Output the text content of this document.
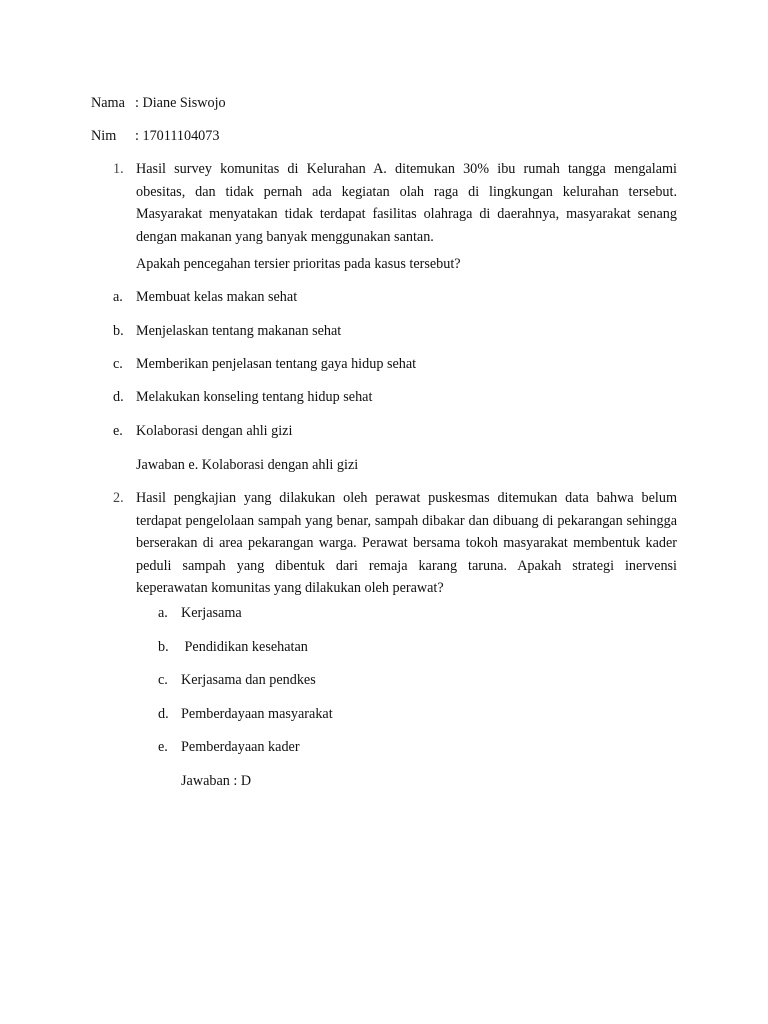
Nama : Diane Siswojo
Nim : 17011104073
1. Hasil survey komunitas di Kelurahan A. ditemukan 30% ibu rumah tangga mengalami obesitas, dan tidak pernah ada kegiatan olah raga di lingkungan kelurahan tersebut. Masyarakat menyatakan tidak terdapat fasilitas olahraga di daerahnya, masyarakat senang dengan makanan yang banyak menggunakan santan.
Apakah pencegahan tersier prioritas pada kasus tersebut?
a. Membuat kelas makan sehat
b. Menjelaskan tentang makanan sehat
c. Memberikan penjelasan tentang gaya hidup sehat
d. Melakukan konseling tentang hidup sehat
e. Kolaborasi dengan ahli gizi
Jawaban e. Kolaborasi dengan ahli gizi
2. Hasil pengkajian yang dilakukan oleh perawat puskesmas ditemukan data bahwa belum terdapat pengelolaan sampah yang benar, sampah dibakar dan dibuang di pekarangan sehingga berserakan di area pekarangan warga. Perawat bersama tokoh masyarakat membentuk kader peduli sampah yang dibentuk dari remaja karang taruna. Apakah strategi inervensi keperawatan komunitas yang dilakukan oleh perawat?
a. Kerjasama
b. Pendidikan kesehatan
c. Kerjasama dan pendkes
d. Pemberdayaan masyarakat
e. Pemberdayaan kader
Jawaban : D
